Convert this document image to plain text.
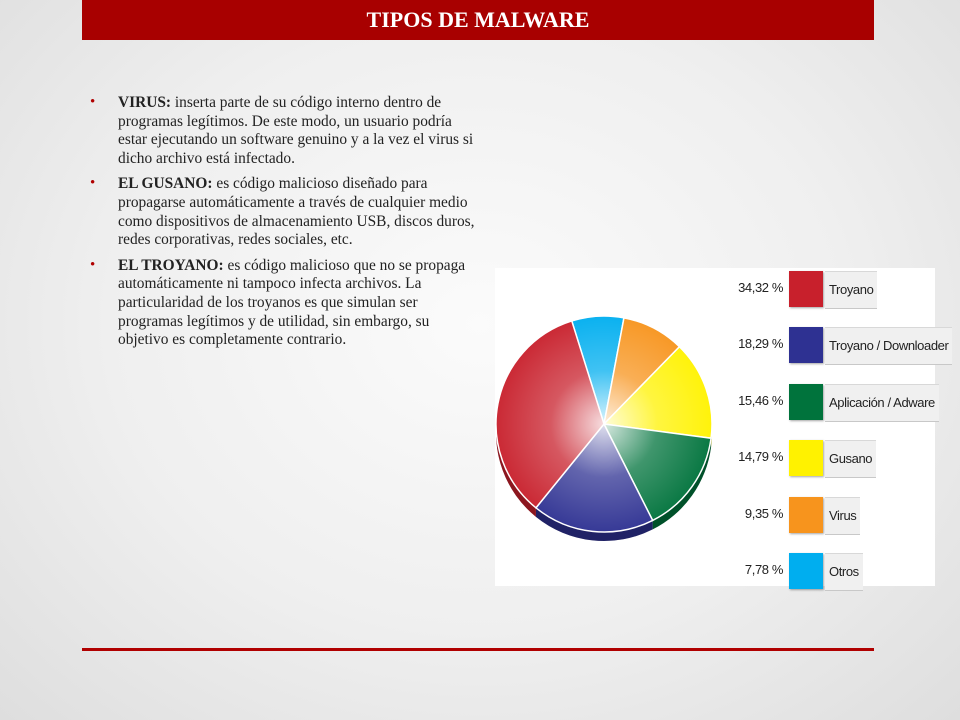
TIPOS DE MALWARE
• VIRUS: inserta parte de su código interno dentro de programas legítimos. De este modo, un usuario podría estar ejecutando un software genuino y a la vez el virus si dicho archivo está infectado.
• EL GUSANO: es código malicioso diseñado para propagarse automáticamente a través de cualquier medio como dispositivos de almacenamiento USB, discos duros, redes corporativas, redes sociales, etc.
• EL TROYANO: es código malicioso que no se propaga automáticamente ni tampoco infecta archivos. La particularidad de los troyanos es que simulan ser programas legítimos y de utilidad, sin embargo, su objetivo es completamente contrario.
34,32 %	Troyano
18,29 %	Troyano / Downloader
15,46 %	Aplicación / Adware
14,79 %	Gusano
9,35 %	Virus
7,78 %	Otros
